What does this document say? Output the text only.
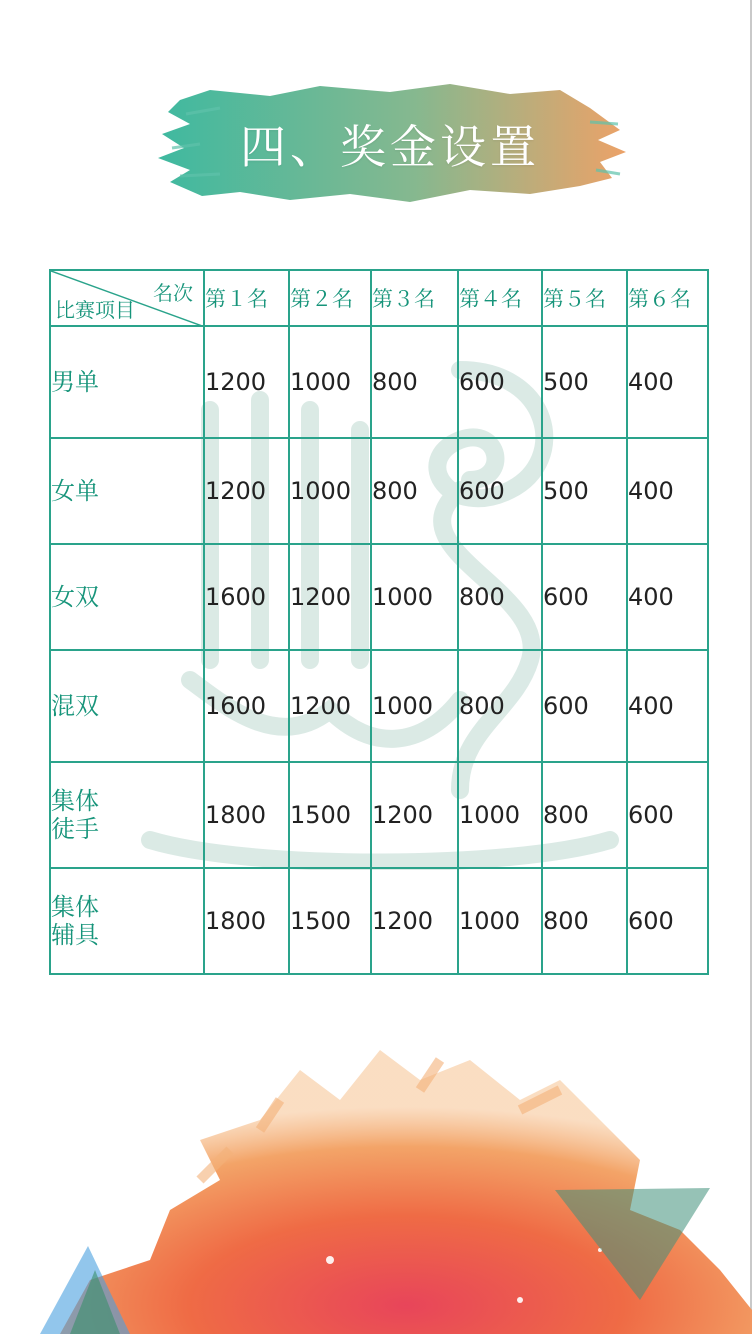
四、奖金设置
名次
比赛项目	第１名	第２名	第３名	第４名	第５名	第６名
男单	1200	1000	800	600	500	400
女单	1200	1000	800	600	500	400
女双	1600	1200	1000	800	600	400
混双	1600	1200	1000	800	600	400
集体
徒手	1800	1500	1200	1000	800	600
集体
辅具	1800	1500	1200	1000	800	600
